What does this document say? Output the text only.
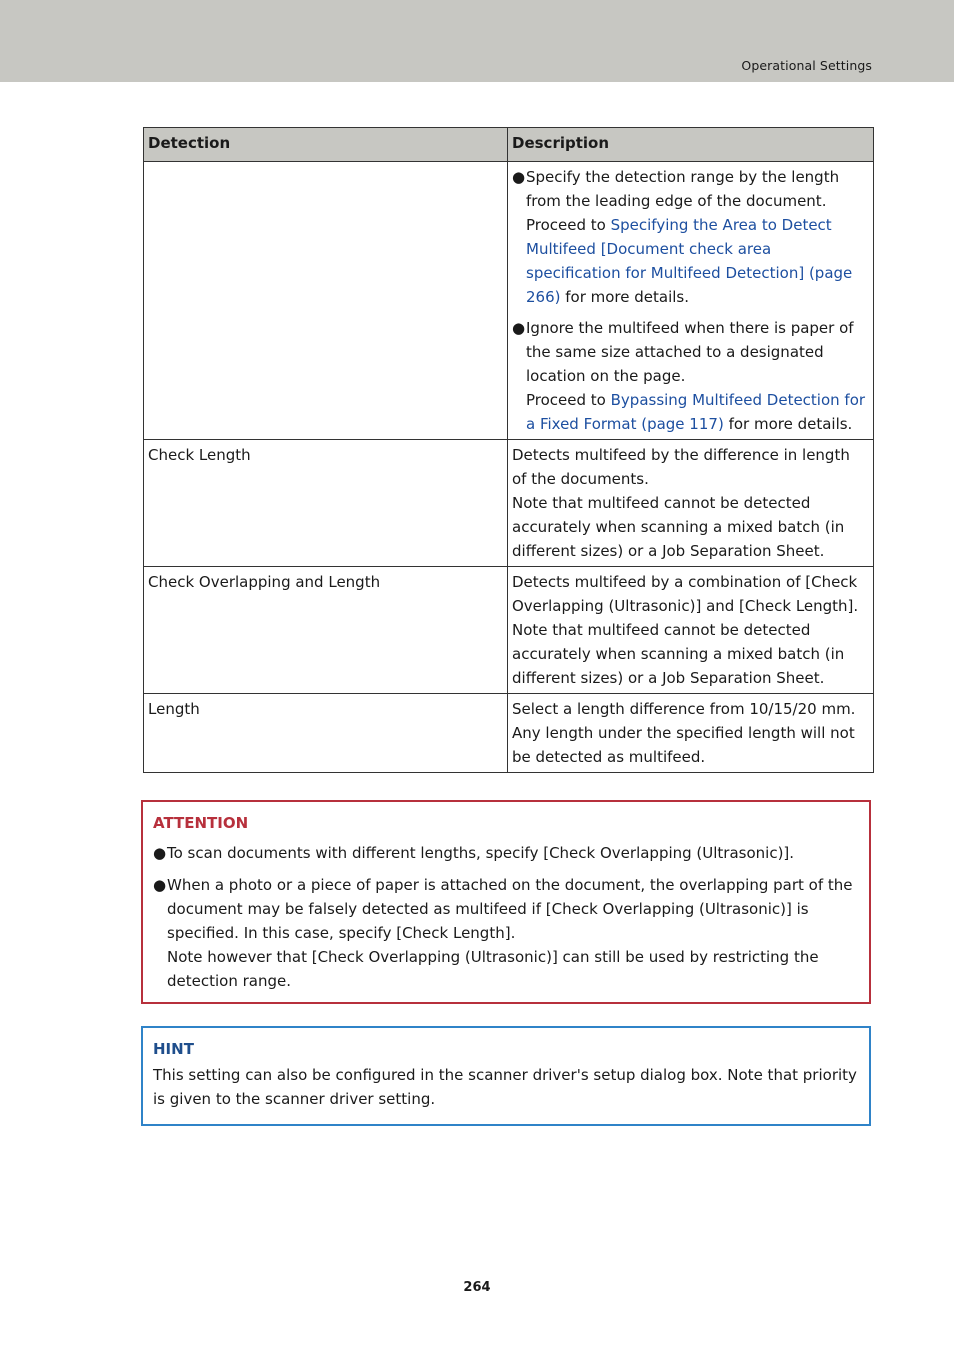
Operational Settings
Detection	Description

	● Specify the detection range by the length from the leading edge of the document. Proceed to Specifying the Area to Detect Multifeed [Document check area specification for Multifeed Detection] (page 266) for more details.
● Ignore the multifeed when there is paper of the same size attached to a designated location on the page.
Proceed to Bypassing Multifeed Detection for a Fixed Format (page 117) for more details.

Check Length	Detects multifeed by the difference in length of the documents.
Note that multifeed cannot be detected accurately when scanning a mixed batch (in different sizes) or a Job Separation Sheet.

Check Overlapping and Length	Detects multifeed by a combination of [Check Overlapping (Ultrasonic)] and [Check Length].
Note that multifeed cannot be detected accurately when scanning a mixed batch (in different sizes) or a Job Separation Sheet.

Length	Select a length difference from 10/15/20 mm.
Any length under the specified length will not be detected as multifeed.
ATTENTION
● To scan documents with different lengths, specify [Check Overlapping (Ultrasonic)].
● When a photo or a piece of paper is attached on the document, the overlapping part of the document may be falsely detected as multifeed if [Check Overlapping (Ultrasonic)] is specified. In this case, specify [Check Length].
Note however that [Check Overlapping (Ultrasonic)] can still be used by restricting the detection range.
HINT
This setting can also be configured in the scanner driver's setup dialog box. Note that priority is given to the scanner driver setting.
264
